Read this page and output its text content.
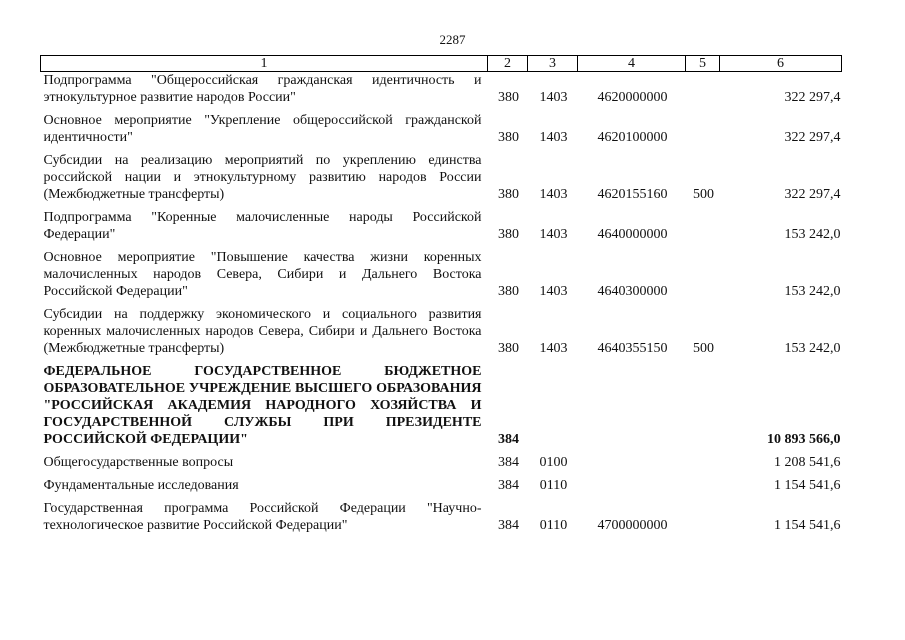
2287
1	2	3	4	5	6
Подпрограмма "Общероссийская гражданская идентичность и этнокультурное развитие народов России"	380	1403	4620000000		322 297,4
Основное мероприятие "Укрепление общероссийской гражданской идентичности"	380	1403	4620100000		322 297,4
Субсидии на реализацию мероприятий по укреплению единства российской нации и этнокультурному развитию народов России (Межбюджетные трансферты)	380	1403	4620155160	500	322 297,4
Подпрограмма "Коренные малочисленные народы Российской Федерации"	380	1403	4640000000		153 242,0
Основное мероприятие "Повышение качества жизни коренных малочисленных народов Севера, Сибири и Дальнего Востока Российской Федерации"	380	1403	4640300000		153 242,0
Субсидии на поддержку экономического и социального развития коренных малочисленных народов Севера, Сибири и Дальнего Востока (Межбюджетные трансферты)	380	1403	4640355150	500	153 242,0
ФЕДЕРАЛЬНОЕ ГОСУДАРСТВЕННОЕ БЮДЖЕТНОЕ ОБРАЗОВАТЕЛЬНОЕ УЧРЕЖДЕНИЕ ВЫСШЕГО ОБРАЗОВАНИЯ "РОССИЙСКАЯ АКАДЕМИЯ НАРОДНОГО ХОЗЯЙСТВА И ГОСУДАРСТВЕННОЙ СЛУЖБЫ ПРИ ПРЕЗИДЕНТЕ РОССИЙСКОЙ ФЕДЕРАЦИИ"	384				10 893 566,0
Общегосударственные вопросы	384	0100			1 208 541,6
Фундаментальные исследования	384	0110			1 154 541,6
Государственная программа Российской Федерации "Научно-технологическое развитие Российской Федерации"	384	0110	4700000000		1 154 541,6
